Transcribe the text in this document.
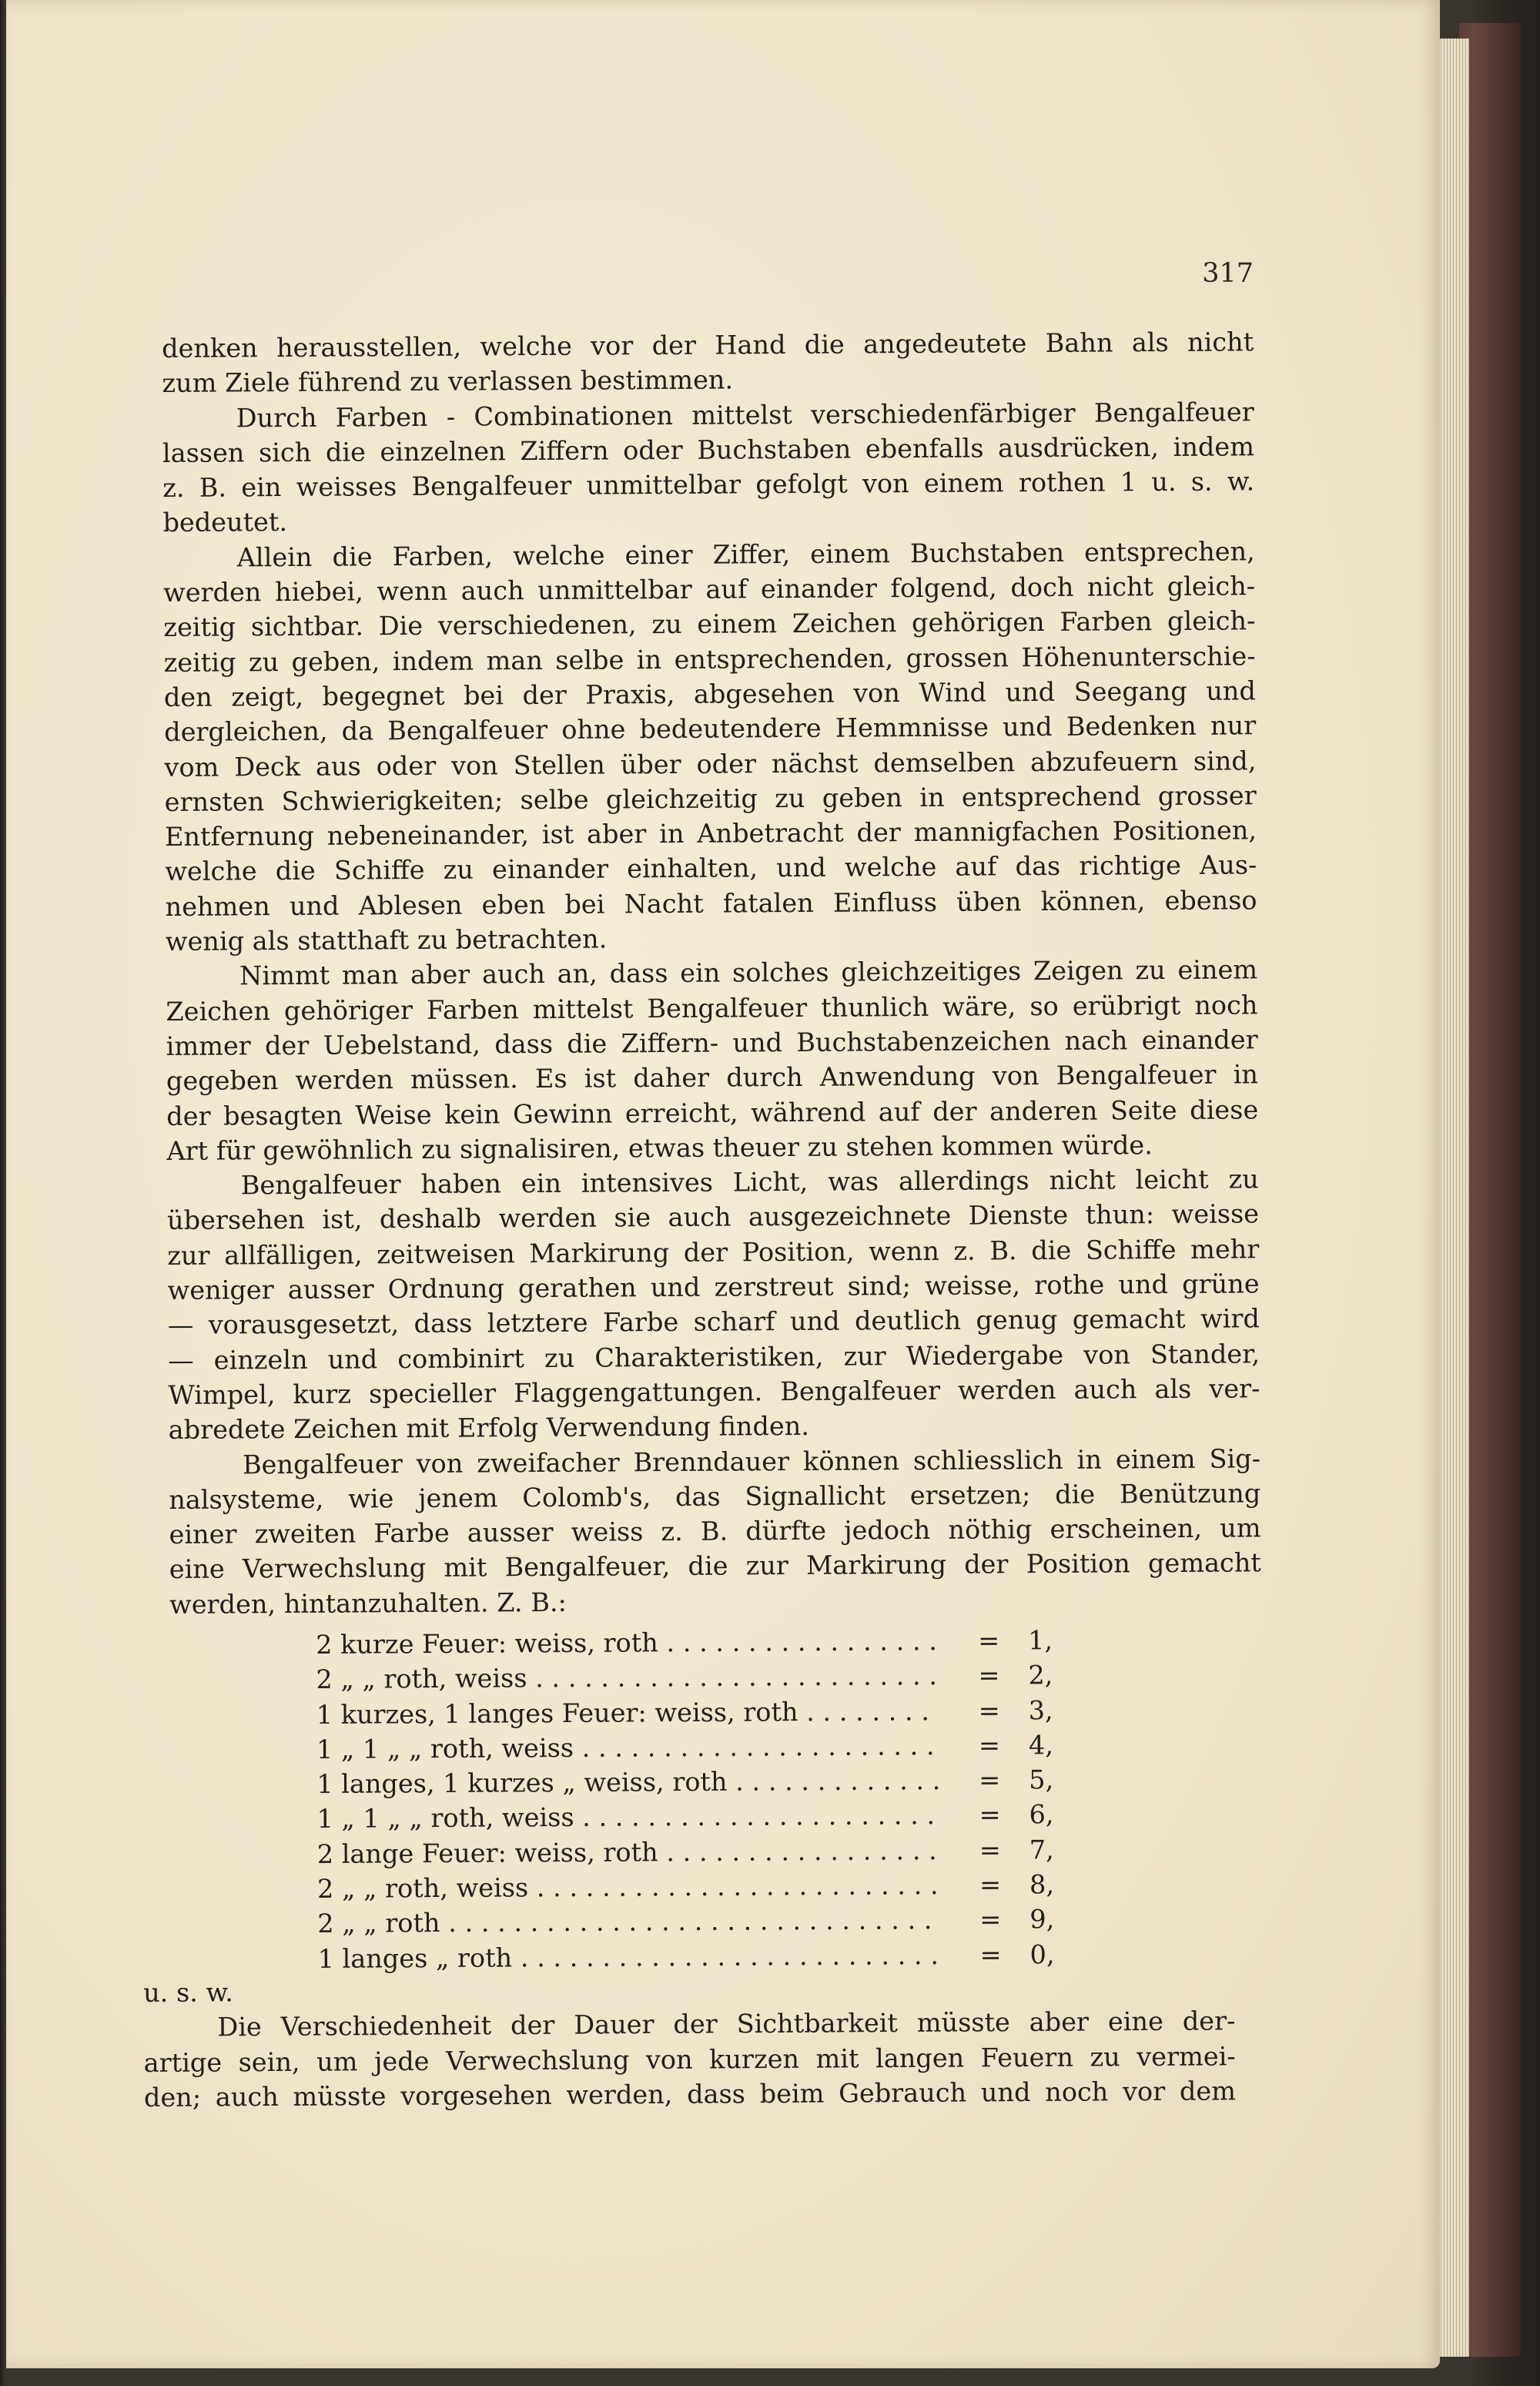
317
denken herausstellen, welche vor der Hand die angedeutete Bahn als nicht
zum Ziele führend zu verlassen bestimmen.
Durch Farben - Combinationen mittelst verschiedenfärbiger Bengalfeuer
lassen sich die einzelnen Ziffern oder Buchstaben ebenfalls ausdrücken, indem
z. B. ein weisses Bengalfeuer unmittelbar gefolgt von einem rothen 1 u. s. w.
bedeutet.
Allein die Farben, welche einer Ziffer, einem Buchstaben entsprechen,
werden hiebei, wenn auch unmittelbar auf einander folgend, doch nicht gleich-
zeitig sichtbar. Die verschiedenen, zu einem Zeichen gehörigen Farben gleich-
zeitig zu geben, indem man selbe in entsprechenden, grossen Höhenunterschie-
den zeigt, begegnet bei der Praxis, abgesehen von Wind und Seegang und
dergleichen, da Bengalfeuer ohne bedeutendere Hemmnisse und Bedenken nur
vom Deck aus oder von Stellen über oder nächst demselben abzufeuern sind,
ernsten Schwierigkeiten; selbe gleichzeitig zu geben in entsprechend grosser
Entfernung nebeneinander, ist aber in Anbetracht der mannigfachen Positionen,
welche die Schiffe zu einander einhalten, und welche auf das richtige Aus-
nehmen und Ablesen eben bei Nacht fatalen Einfluss üben können, ebenso
wenig als statthaft zu betrachten.
Nimmt man aber auch an, dass ein solches gleichzeitiges Zeigen zu einem
Zeichen gehöriger Farben mittelst Bengalfeuer thunlich wäre, so erübrigt noch
immer der Uebelstand, dass die Ziffern- und Buchstabenzeichen nach einander
gegeben werden müssen. Es ist daher durch Anwendung von Bengalfeuer in
der besagten Weise kein Gewinn erreicht, während auf der anderen Seite diese
Art für gewöhnlich zu signalisiren, etwas theuer zu stehen kommen würde.
Bengalfeuer haben ein intensives Licht, was allerdings nicht leicht zu
übersehen ist, deshalb werden sie auch ausgezeichnete Dienste thun: weisse
zur allfälligen, zeitweisen Markirung der Position, wenn z. B. die Schiffe mehr
weniger ausser Ordnung gerathen und zerstreut sind; weisse, rothe und grüne
— vorausgesetzt, dass letztere Farbe scharf und deutlich genug gemacht wird
— einzeln und combinirt zu Charakteristiken, zur Wiedergabe von Stander,
Wimpel, kurz specieller Flaggengattungen. Bengalfeuer werden auch als ver-
abredete Zeichen mit Erfolg Verwendung finden.
Bengalfeuer von zweifacher Brenndauer können schliesslich in einem Sig-
nalsysteme, wie jenem Colomb's, das Signallicht ersetzen; die Benützung
einer zweiten Farbe ausser weiss z. B. dürfte jedoch nöthig erscheinen, um
eine Verwechslung mit Bengalfeuer, die zur Markirung der Position gemacht
werden, hintanzuhalten. Z. B.:
2 kurze Feuer: weiss, roth . . .	= 1,
2 „ „ roth, weiss . . .	= 2,
1 kurzes, 1 langes Feuer: weiss, roth . . .	= 3,
1 „ 1 „ „ roth, weiss . . .	= 4,
1 langes, 1 kurzes „ weiss, roth . . .	= 5,
1 „ 1 „ „ roth, weiss . . .	= 6,
2 lange Feuer: weiss, roth . . .	= 7,
2 „ „ roth, weiss . . .	= 8,
2 „ „ roth . . .	= 9,
1 langes „ roth . . .	= 0,
u. s. w.
Die Verschiedenheit der Dauer der Sichtbarkeit müsste aber eine der-
artige sein, um jede Verwechslung von kurzen mit langen Feuern zu vermei-
den; auch müsste vorgesehen werden, dass beim Gebrauch und noch vor dem
